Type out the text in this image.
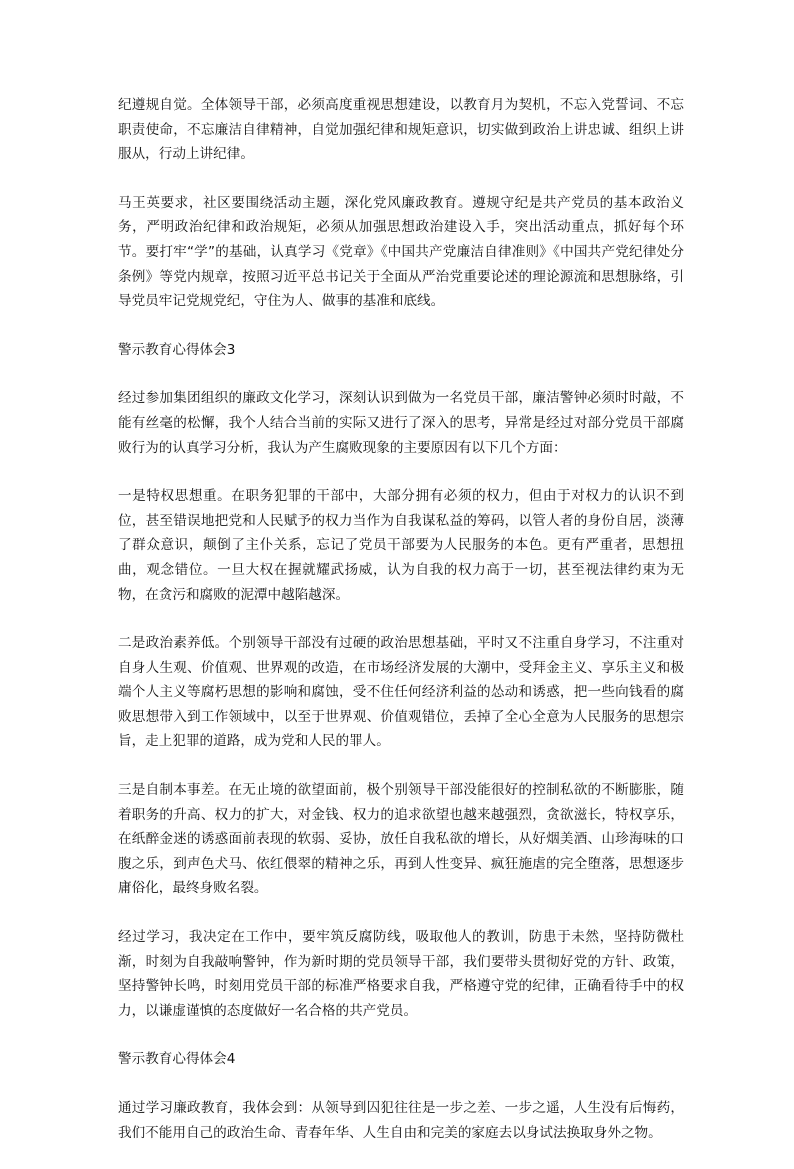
纪遵规自觉。全体领导干部，必须高度重视思想建设，以教育月为契机，不忘入党誓词、不忘职责使命，不忘廉洁自律精神，自觉加强纪律和规矩意识，切实做到政治上讲忠诚、组织上讲服从，行动上讲纪律。

马王英要求，社区要围绕活动主题，深化党风廉政教育。遵规守纪是共产党员的基本政治义务，严明政治纪律和政治规矩，必须从加强思想政治建设入手，突出活动重点，抓好每个环节。要打牢“学”的基础，认真学习《党章》《中国共产党廉洁自律准则》《中国共产党纪律处分条例》等党内规章，按照习近平总书记关于全面从严治党重要论述的理论源流和思想脉络，引导党员牢记党规党纪，守住为人、做事的基准和底线。

警示教育心得体会3

经过参加集团组织的廉政文化学习，深刻认识到做为一名党员干部，廉洁警钟必须时时敲，不能有丝毫的松懈，我个人结合当前的实际又进行了深入的思考，异常是经过对部分党员干部腐败行为的认真学习分析，我认为产生腐败现象的主要原因有以下几个方面：

一是特权思想重。在职务犯罪的干部中，大部分拥有必须的权力，但由于对权力的认识不到位，甚至错误地把党和人民赋予的权力当作为自我谋私益的筹码，以管人者的身份自居，淡薄了群众意识，颠倒了主仆关系，忘记了党员干部要为人民服务的本色。更有严重者，思想扭曲，观念错位。一旦大权在握就耀武扬威，认为自我的权力高于一切，甚至视法律约束为无物，在贪污和腐败的泥潭中越陷越深。

二是政治素养低。个别领导干部没有过硬的政治思想基础，平时又不注重自身学习，不注重对自身人生观、价值观、世界观的改造，在市场经济发展的大潮中，受拜金主义、享乐主义和极端个人主义等腐朽思想的影响和腐蚀，受不住任何经济利益的怂动和诱惑，把一些向钱看的腐败思想带入到工作领域中，以至于世界观、价值观错位，丢掉了全心全意为人民服务的思想宗旨，走上犯罪的道路，成为党和人民的罪人。

三是自制本事差。在无止境的欲望面前，极个别领导干部没能很好的控制私欲的不断膨胀，随着职务的升高、权力的扩大，对金钱、权力的追求欲望也越来越强烈，贪欲滋长，特权享乐，在纸醉金迷的诱惑面前表现的软弱、妥协，放任自我私欲的增长，从好烟美酒、山珍海味的口腹之乐，到声色犬马、依红偎翠的精神之乐，再到人性变异、疯狂施虐的完全堕落，思想逐步庸俗化，最终身败名裂。

经过学习，我决定在工作中，要牢筑反腐防线，吸取他人的教训，防患于未然，坚持防微杜渐，时刻为自我敲响警钟，作为新时期的党员领导干部，我们要带头贯彻好党的方针、政策，坚持警钟长鸣，时刻用党员干部的标准严格要求自我，严格遵守党的纪律，正确看待手中的权力，以谦虚谨慎的态度做好一名合格的共产党员。

警示教育心得体会4

通过学习廉政教育，我体会到：从领导到囚犯往往是一步之差、一步之遥，人生没有后悔药，我们不能用自己的政治生命、青春年华、人生自由和完美的家庭去以身试法换取身外之物。
